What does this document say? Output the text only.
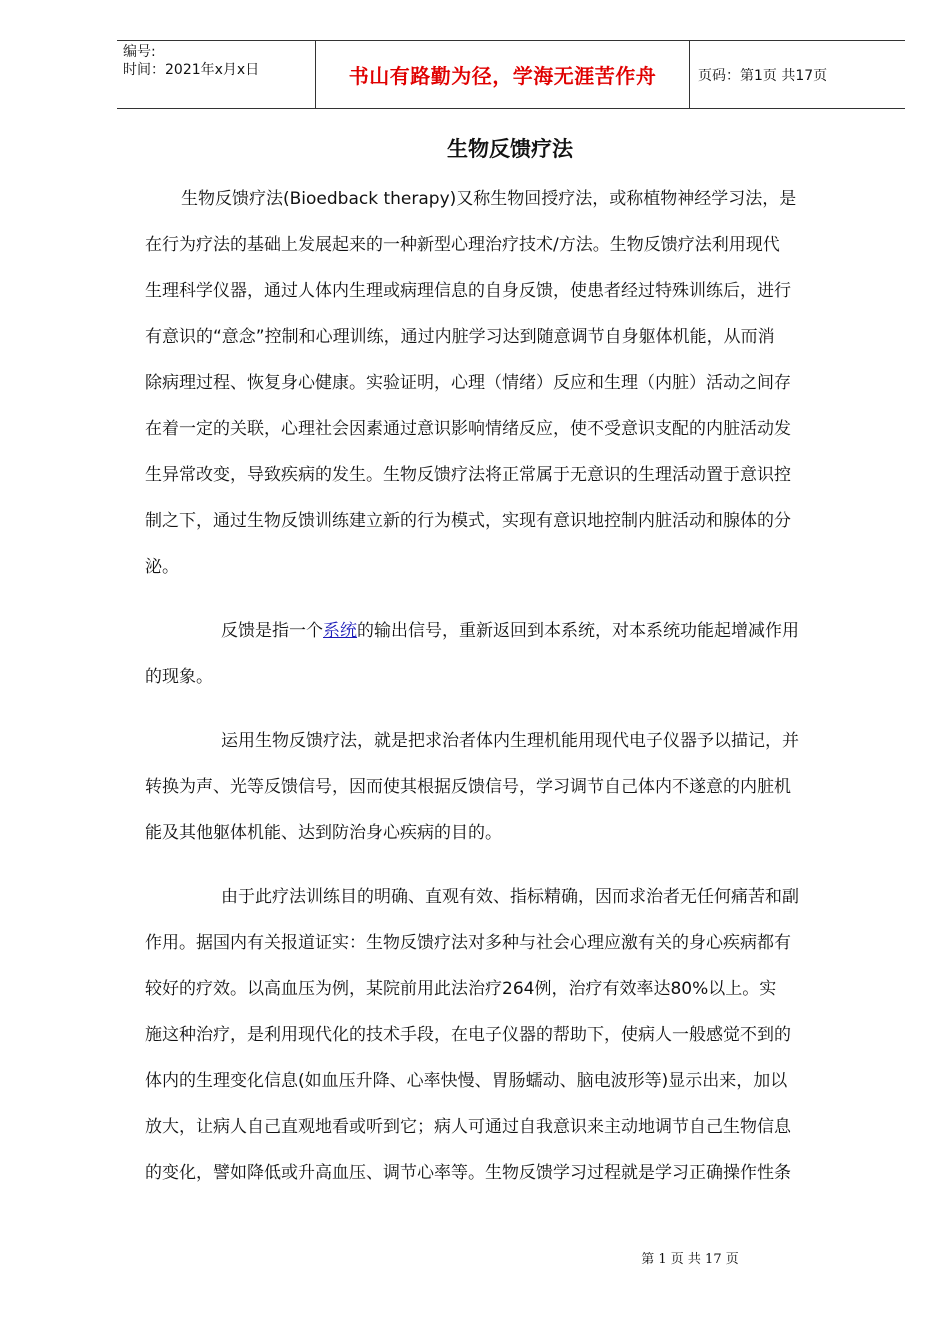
编号:
时间：2021年x月x日	书山有路勤为径，学海无涯苦作舟	页码：第1页 共17页
生物反馈疗法
生物反馈疗法(Bioedback therapy)又称生物回授疗法，或称植物神经学习法，是
在行为疗法的基础上发展起来的一种新型心理治疗技术/方法。生物反馈疗法利用现代
生理科学仪器，通过人体内生理或病理信息的自身反馈，使患者经过特殊训练后，进行
有意识的“意念”控制和心理训练，通过内脏学习达到随意调节自身躯体机能，从而消
除病理过程、恢复身心健康。实验证明，心理（情绪）反应和生理（内脏）活动之间存
在着一定的关联，心理社会因素通过意识影响情绪反应，使不受意识支配的内脏活动发
生异常改变，导致疾病的发生。生物反馈疗法将正常属于无意识的生理活动置于意识控
制之下，通过生物反馈训练建立新的行为模式，实现有意识地控制内脏活动和腺体的分
泌。
反馈是指一个系统的输出信号，重新返回到本系统，对本系统功能起增减作用
的现象。
运用生物反馈疗法，就是把求治者体内生理机能用现代电子仪器予以描记，并
转换为声、光等反馈信号，因而使其根据反馈信号，学习调节自己体内不遂意的内脏机
能及其他躯体机能、达到防治身心疾病的目的。
由于此疗法训练目的明确、直观有效、指标精确，因而求治者无任何痛苦和副
作用。据国内有关报道证实：生物反馈疗法对多种与社会心理应激有关的身心疾病都有
较好的疗效。以高血压为例，某院前用此法治疗264例，治疗有效率达80%以上。实
施这种治疗，是利用现代化的技术手段，在电子仪器的帮助下，使病人一般感觉不到的
体内的生理变化信息(如血压升降、心率快慢、胃肠蠕动、脑电波形等)显示出来，加以
放大，让病人自己直观地看或听到它；病人可通过自我意识来主动地调节自己生物信息
的变化，譬如降低或升高血压、调节心率等。生物反馈学习过程就是学习正确操作性条
第 1 页 共 17 页
